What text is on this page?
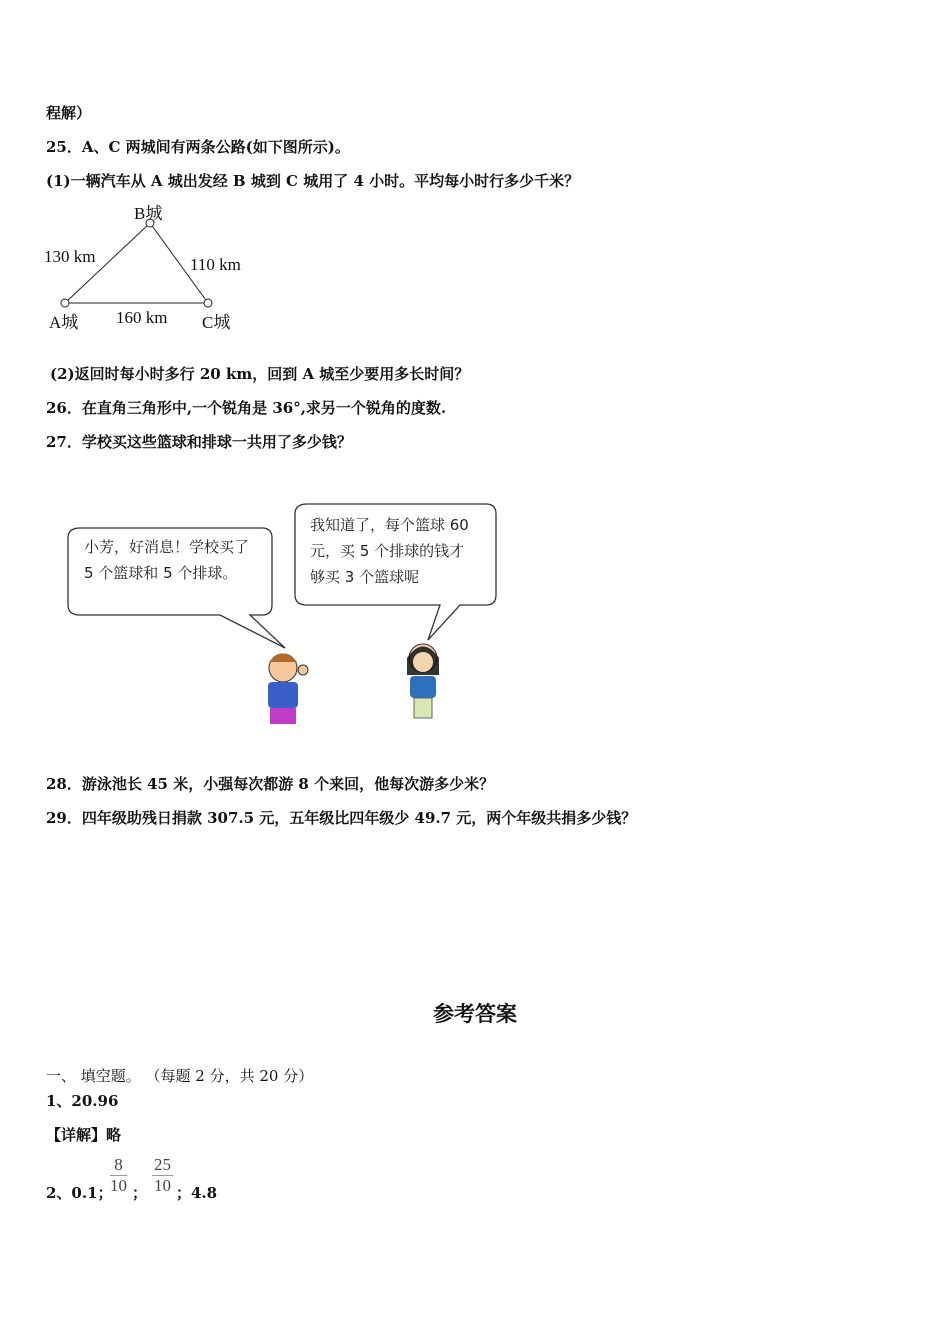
程解）
25．A、C 两城间有两条公路(如下图所示)。
(1)一辆汽车从 A 城出发经 B 城到 C 城用了 4 小时。平均每小时行多少千米？
B城
130 km	110 km
A城 160 km C城
(2)返回时每小时多行 20 km，回到 A 城至少要用多长时间？
26．在直角三角形中,一个锐角是 36°,求另一个锐角的度数.
27．学校买这些篮球和排球一共用了多少钱？
小芳，好消息！学校买了
5 个篮球和 5 个排球。
我知道了，每个篮球 60
元，买 5 个排球的钱才
够买 3 个篮球呢
28．游泳池长 45 米，小强每次都游 8 个来回，他每次游多少米？
29．四年级助残日捐款 307.5 元，五年级比四年级少 49.7 元，两个年级共捐多少钱？
参考答案
一、 填空题。 （每题 2 分，共 20 分）
1、20.96
【详解】略
2、0.1；
$\frac{8}{10}$ ； $\frac{25}{10}$ ；4.8
